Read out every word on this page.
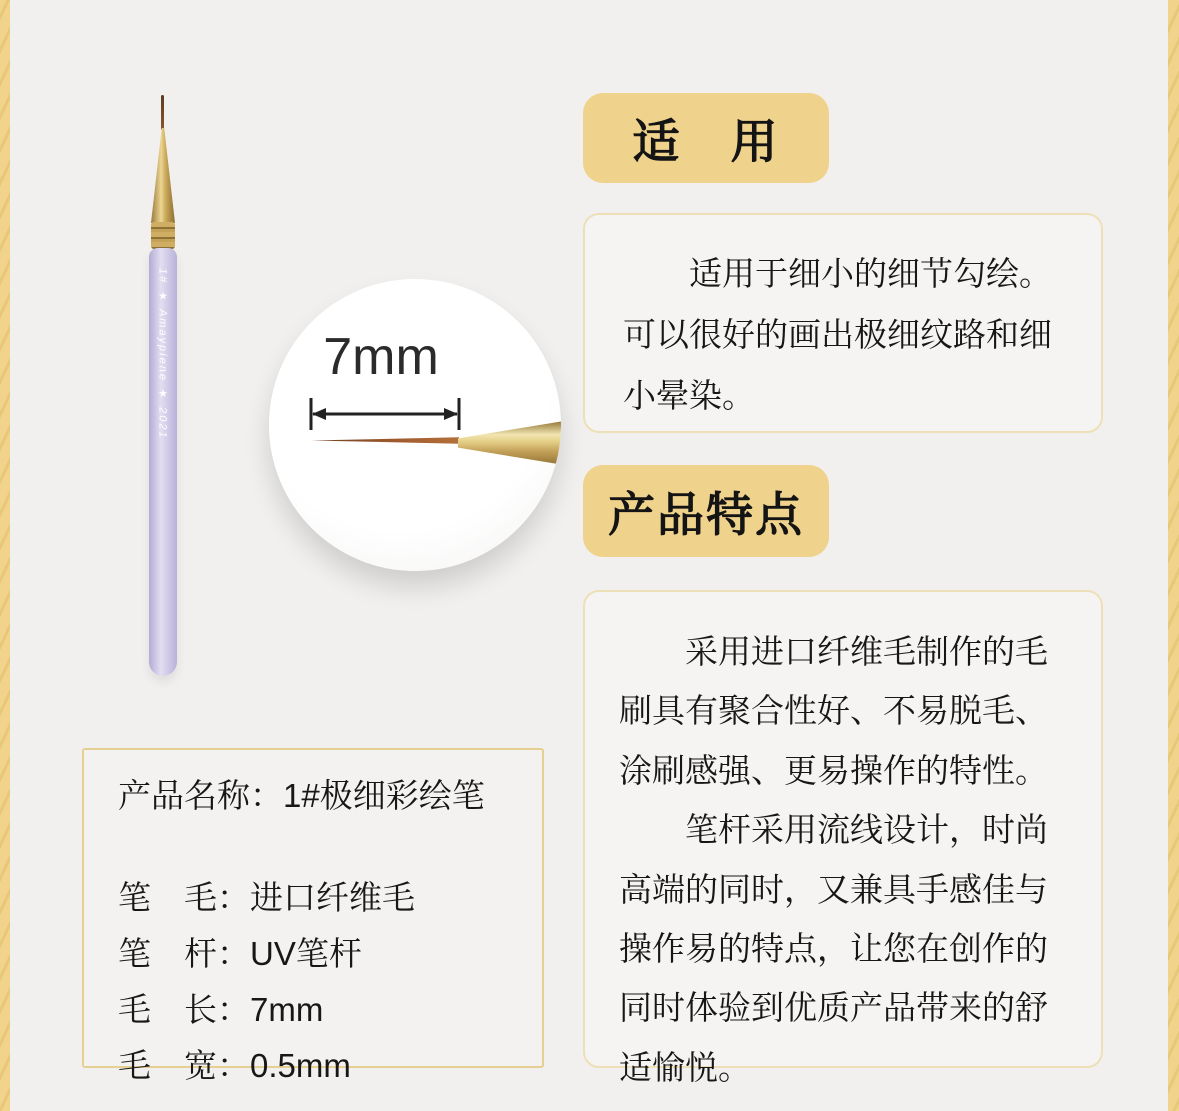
1# ★ Amaypiene ★ 2021	7mm
适　用

适用于细小的细节勾绘。可以很好的画出极细纹路和细小晕染。

产品特点

采用进口纤维毛制作的毛刷具有聚合性好、不易脱毛、涂刷感强、更易操作的特性。

笔杆采用流线设计，时尚高端的同时，又兼具手感佳与操作易的特点，让您在创作的同时体验到优质产品带来的舒适愉悦。

产品名称：1#极细彩绘笔
笔　毛：进口纤维毛
笔　杆：UV笔杆
毛　长：7mm
毛　宽：0.5mm
